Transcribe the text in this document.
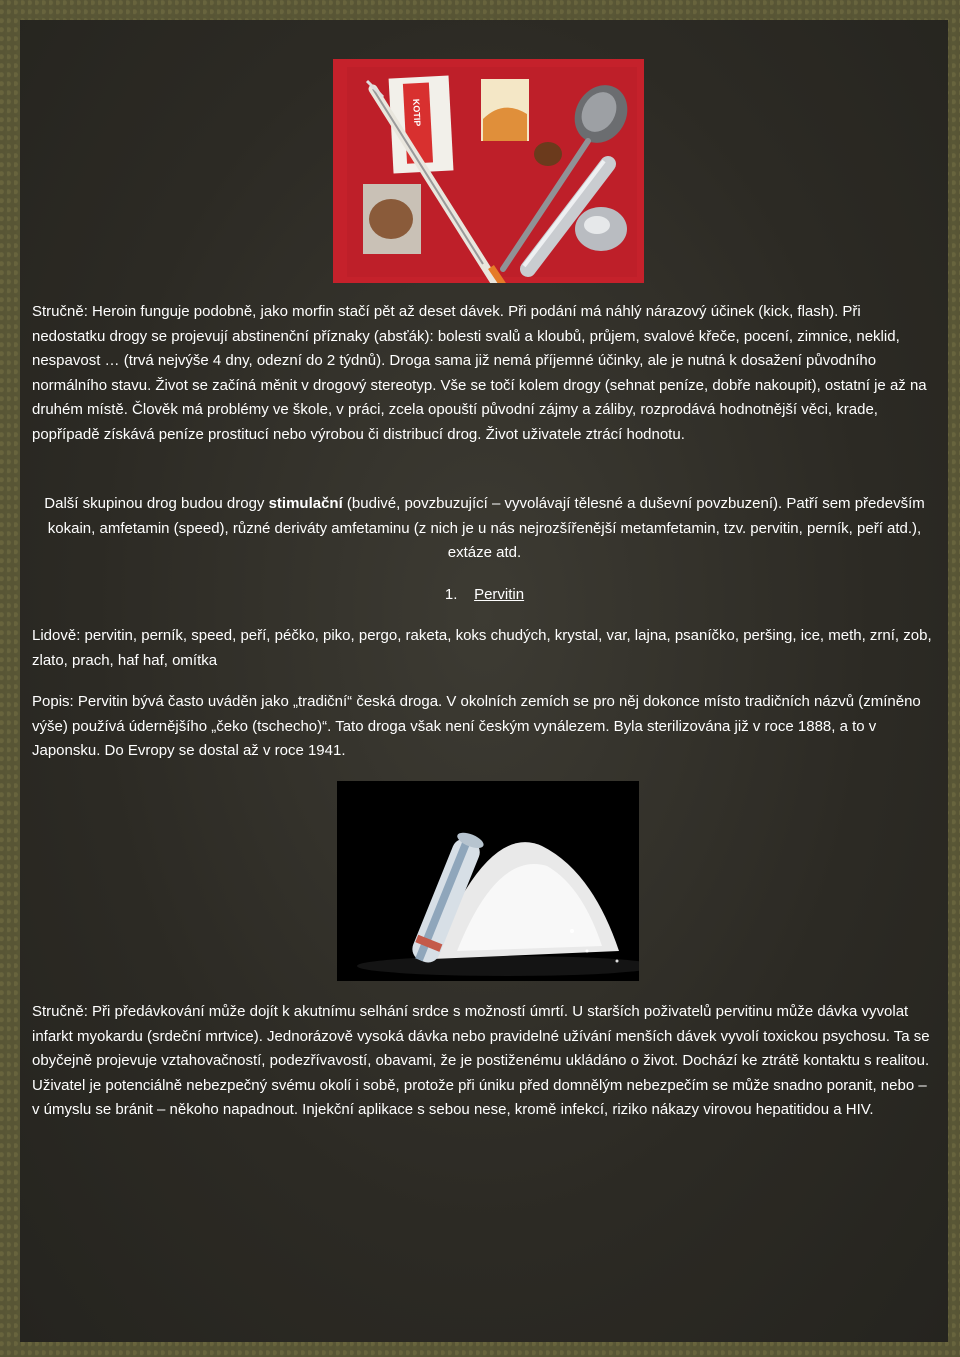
KOTIP

Stručně: Heroin funguje podobně, jako morfin stačí pět až deset dávek. Při podání má náhlý nárazový účinek (kick, flash). Při nedostatku drogy se projevují abstinenční příznaky (absťák): bolesti svalů a kloubů, průjem, svalové křeče, pocení, zimnice, neklid, nespavost … (trvá nejvýše 4 dny, odezní do 2 týdnů). Droga sama již nemá příjemné účinky, ale je nutná k dosažení původního normálního stavu. Život se začíná měnit v drogový stereotyp. Vše se točí kolem drogy (sehnat peníze, dobře nakoupit), ostatní je až na druhém místě. Člověk má problémy ve škole, v práci, zcela opouští původní zájmy a záliby, rozprodává hodnotnější věci, krade, popřípadě získává peníze prostitucí nebo výrobou či distribucí drog. Život uživatele ztrácí hodnotu.

Další skupinou drog budou drogy stimulační (budivé, povzbuzující – vyvolávají tělesné a duševní povzbuzení). Patří sem především kokain, amfetamin (speed), různé deriváty amfetaminu (z nich je u nás nejrozšířenější metamfetamin, tzv. pervitin, perník, peří atd.), extáze atd.

1. Pervitin

Lidově: pervitin, perník, speed, peří, péčko, piko, pergo, raketa, koks chudých, krystal, var, lajna, psaníčko, peršing, ice, meth, zrní, zob, zlato, prach, haf haf, omítka

Popis: Pervitin bývá často uváděn jako „tradiční“ česká droga. V okolních zemích se pro něj dokonce místo tradičních názvů (zmíněno výše) používá údernějšího „čeko (tschecho)“. Tato droga však není českým vynálezem. Byla sterilizována již v roce 1888, a to v Japonsku. Do Evropy se dostal až v roce 1941.

Stručně: Při předávkování může dojít k akutnímu selhání srdce s možností úmrtí. U starších poživatelů pervitinu může dávka vyvolat infarkt myokardu (srdeční mrtvice). Jednorázově vysoká dávka nebo pravidelné užívání menších dávek vyvolí toxickou psychosu. Ta se obyčejně projevuje vztahovačností, podezřívavostí, obavami, že je postiženému ukládáno o život. Dochází ke ztrátě kontaktu s realitou. Uživatel je potenciálně nebezpečný svému okolí i sobě, protože při úniku před domnělým nebezpečím se může snadno poranit, nebo – v úmyslu se bránit – někoho napadnout. Injekční aplikace s sebou nese, kromě infekcí, riziko nákazy virovou hepatitidou a HIV.
